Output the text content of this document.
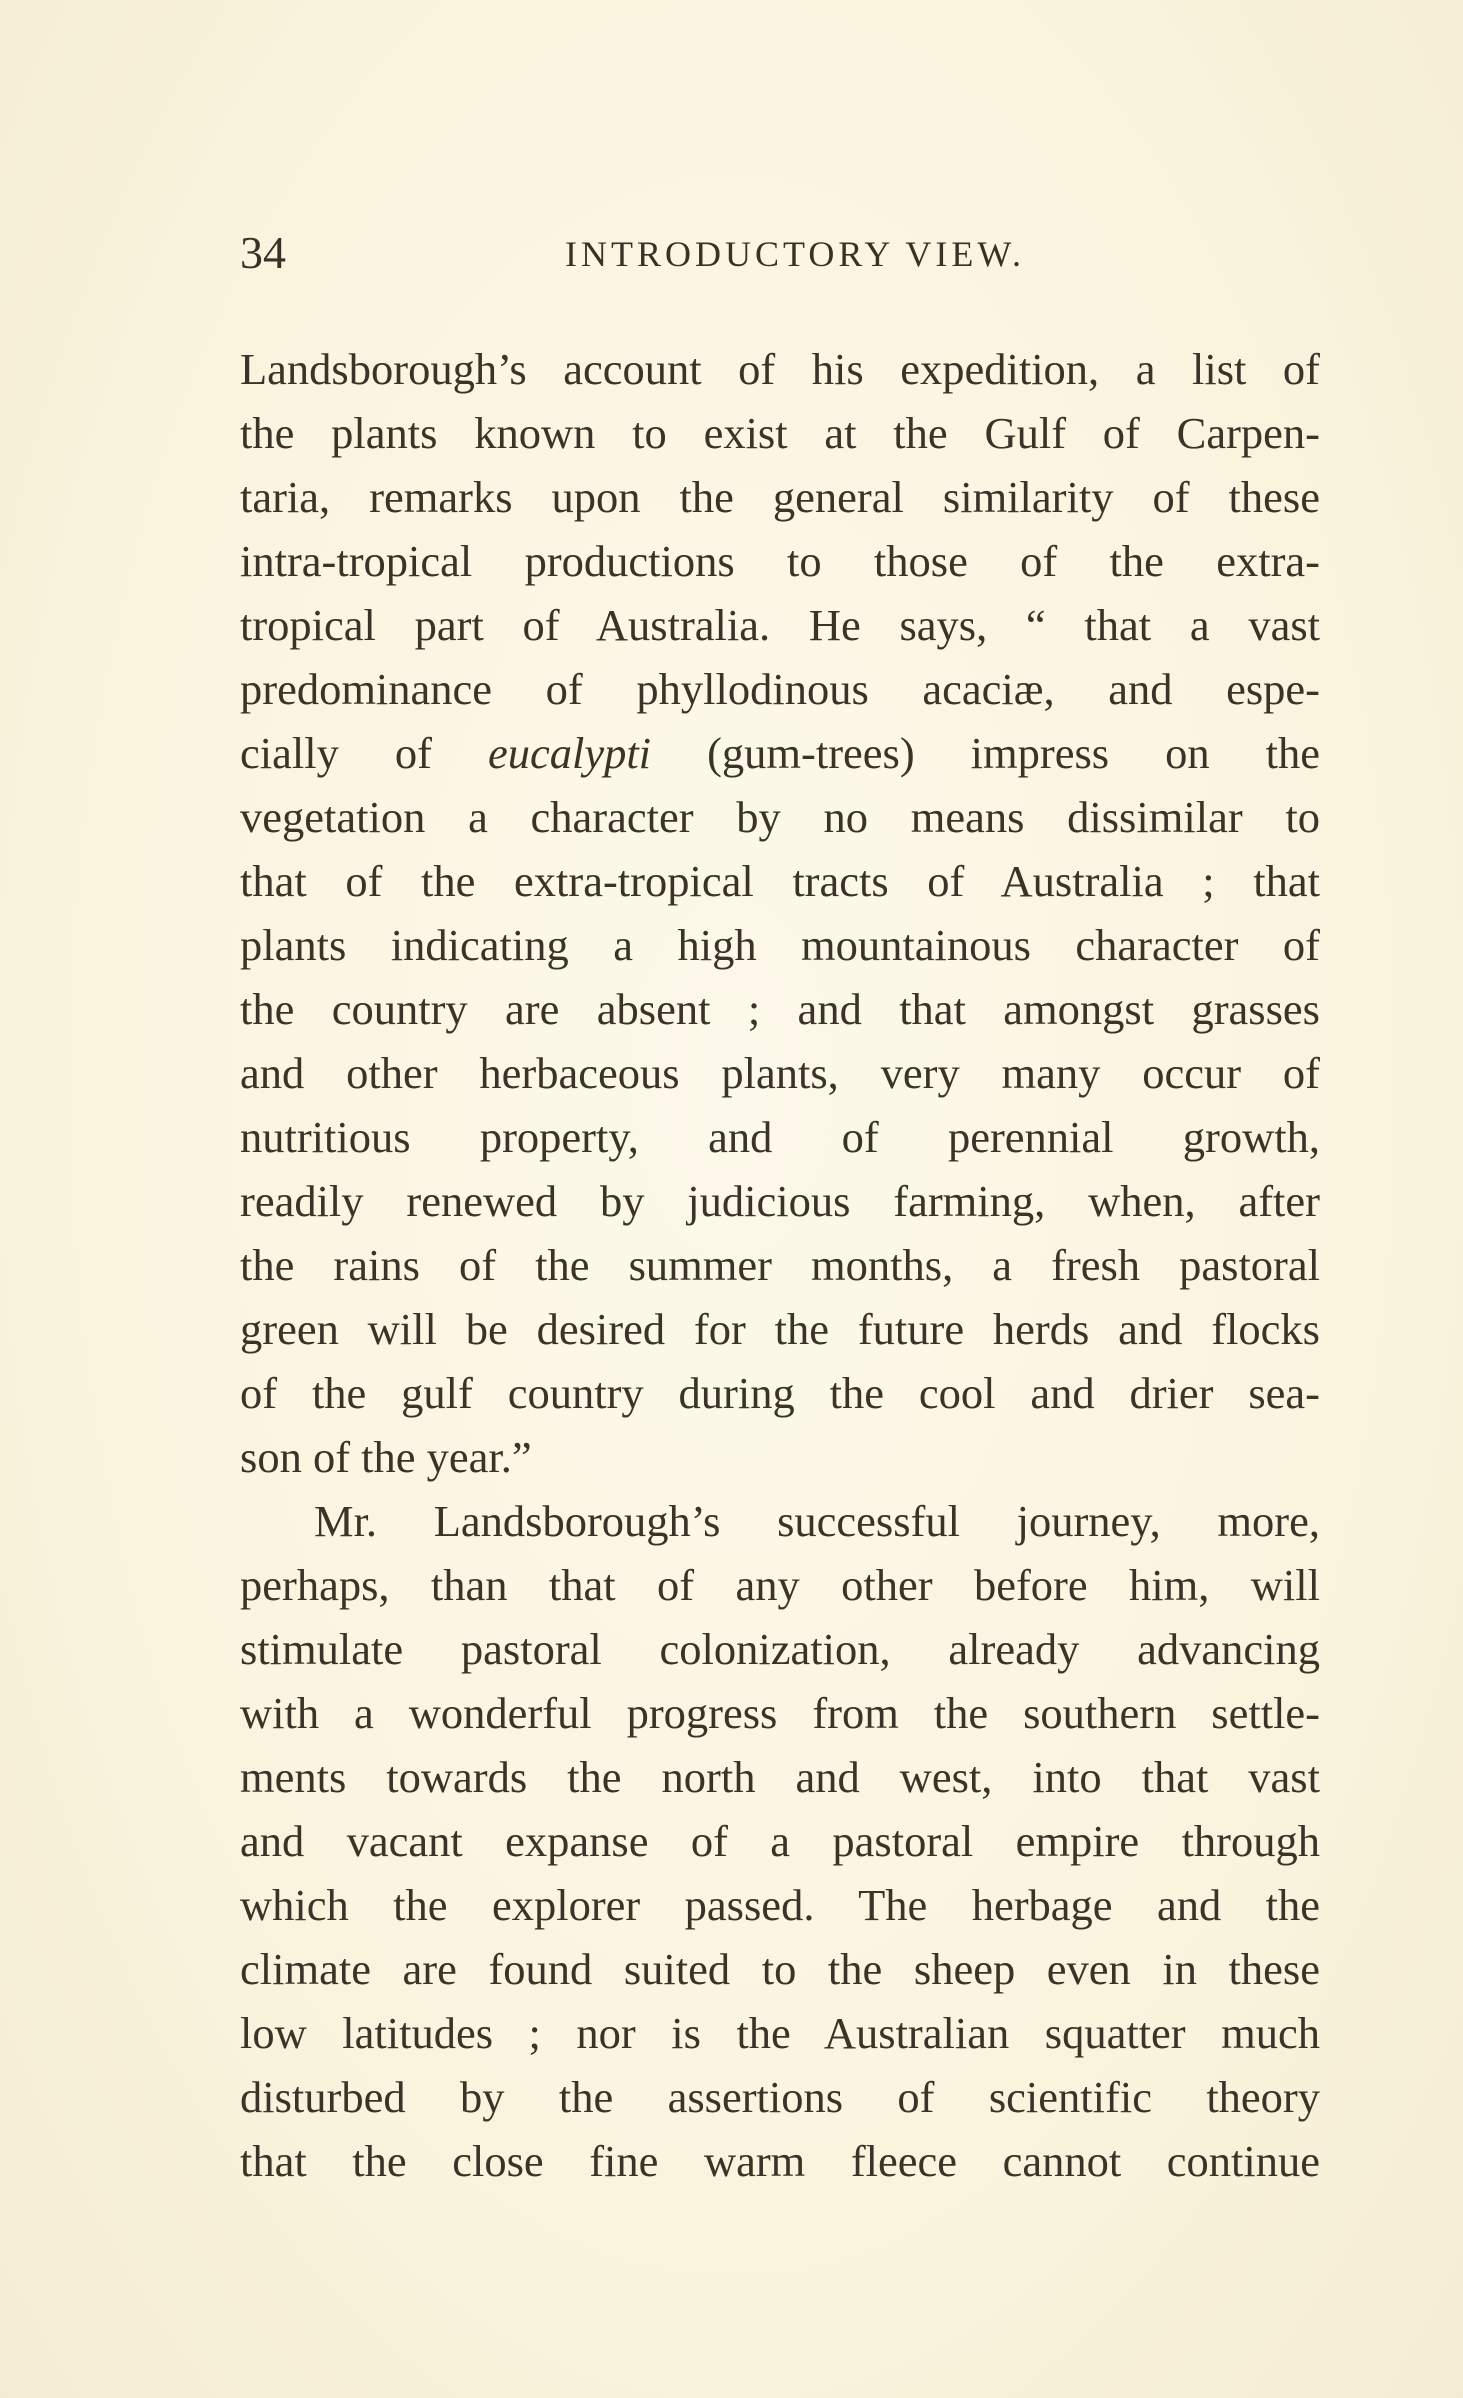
34	INTRODUCTORY VIEW.
Landsborough’s account of his expedition, a list of
the plants known to exist at the Gulf of Carpen-
taria, remarks upon the general similarity of these
intra-tropical productions to those of the extra-
tropical part of Australia. He says, “ that a vast
predominance of phyllodinous acaciæ, and espe-
cially of eucalypti (gum-trees) impress on the
vegetation a character by no means dissimilar to
that of the extra-tropical tracts of Australia ; that
plants indicating a high mountainous character of
the country are absent ; and that amongst grasses
and other herbaceous plants, very many occur of
nutritious property, and of perennial growth,
readily renewed by judicious farming, when, after
the rains of the summer months, a fresh pastoral
green will be desired for the future herds and flocks
of the gulf country during the cool and drier sea-
son of the year.”
Mr. Landsborough’s successful journey, more,
perhaps, than that of any other before him, will
stimulate pastoral colonization, already advancing
with a wonderful progress from the southern settle-
ments towards the north and west, into that vast
and vacant expanse of a pastoral empire through
which the explorer passed. The herbage and the
climate are found suited to the sheep even in these
low latitudes ; nor is the Australian squatter much
disturbed by the assertions of scientific theory
that the close fine warm fleece cannot continue
